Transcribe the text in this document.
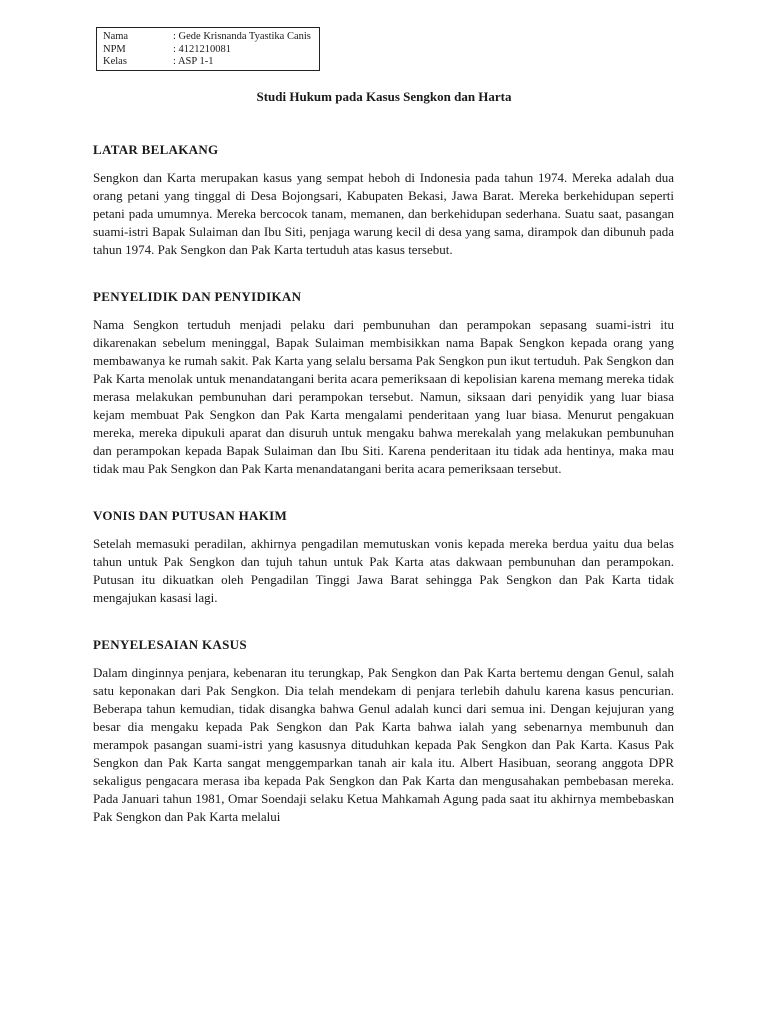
Nama	: Gede Krisnanda Tyastika Canis
NPM	: 4121210081
Kelas	: ASP 1-1
Studi Hukum pada Kasus Sengkon dan Harta
LATAR BELAKANG
Sengkon dan Karta merupakan kasus yang sempat heboh di Indonesia pada tahun 1974. Mereka adalah dua orang petani yang tinggal di Desa Bojongsari, Kabupaten Bekasi, Jawa Barat. Mereka berkehidupan seperti petani pada umumnya. Mereka bercocok tanam, memanen, dan berkehidupan sederhana. Suatu saat, pasangan suami-istri Bapak Sulaiman dan Ibu Siti, penjaga warung kecil di desa yang sama, dirampok dan dibunuh pada tahun 1974. Pak Sengkon dan Pak Karta tertuduh atas kasus tersebut.
PENYELIDIK DAN PENYIDIKAN
Nama Sengkon tertuduh menjadi pelaku dari pembunuhan dan perampokan sepasang suami-istri itu dikarenakan sebelum meninggal, Bapak Sulaiman membisikkan nama Bapak Sengkon kepada orang yang membawanya ke rumah sakit. Pak Karta yang selalu bersama Pak Sengkon pun ikut tertuduh. Pak Sengkon dan Pak Karta menolak untuk menandatangani berita acara pemeriksaan di kepolisian karena memang mereka tidak merasa melakukan pembunuhan dari perampokan tersebut. Namun, siksaan dari penyidik yang luar biasa kejam membuat Pak Sengkon dan Pak Karta mengalami penderitaan yang luar biasa. Menurut pengakuan mereka, mereka dipukuli aparat dan disuruh untuk mengaku bahwa merekalah yang melakukan pembunuhan dan perampokan kepada Bapak Sulaiman dan Ibu Siti. Karena penderitaan itu tidak ada hentinya, maka mau tidak mau Pak Sengkon dan Pak Karta menandatangani berita acara pemeriksaan tersebut.
VONIS DAN PUTUSAN HAKIM
Setelah memasuki peradilan, akhirnya pengadilan memutuskan vonis kepada mereka berdua yaitu dua belas tahun untuk Pak Sengkon dan tujuh tahun untuk Pak Karta atas dakwaan pembunuhan dan perampokan. Putusan itu dikuatkan oleh Pengadilan Tinggi Jawa Barat sehingga Pak Sengkon dan Pak Karta tidak mengajukan kasasi lagi.
PENYELESAIAN KASUS
Dalam dinginnya penjara, kebenaran itu terungkap, Pak Sengkon dan Pak Karta bertemu dengan Genul, salah satu keponakan dari Pak Sengkon. Dia telah mendekam di penjara terlebih dahulu karena kasus pencurian. Beberapa tahun kemudian, tidak disangka bahwa Genul adalah kunci dari semua ini. Dengan kejujuran yang besar dia mengaku kepada Pak Sengkon dan Pak Karta bahwa ialah yang sebenarnya membunuh dan merampok pasangan suami-istri yang kasusnya dituduhkan kepada Pak Sengkon dan Pak Karta. Kasus Pak Sengkon dan Pak Karta sangat menggemparkan tanah air kala itu. Albert Hasibuan, seorang anggota DPR sekaligus pengacara merasa iba kepada Pak Sengkon dan Pak Karta dan mengusahakan pembebasan mereka. Pada Januari tahun 1981, Omar Soendaji selaku Ketua Mahkamah Agung pada saat itu akhirnya membebaskan Pak Sengkon dan Pak Karta melalui
